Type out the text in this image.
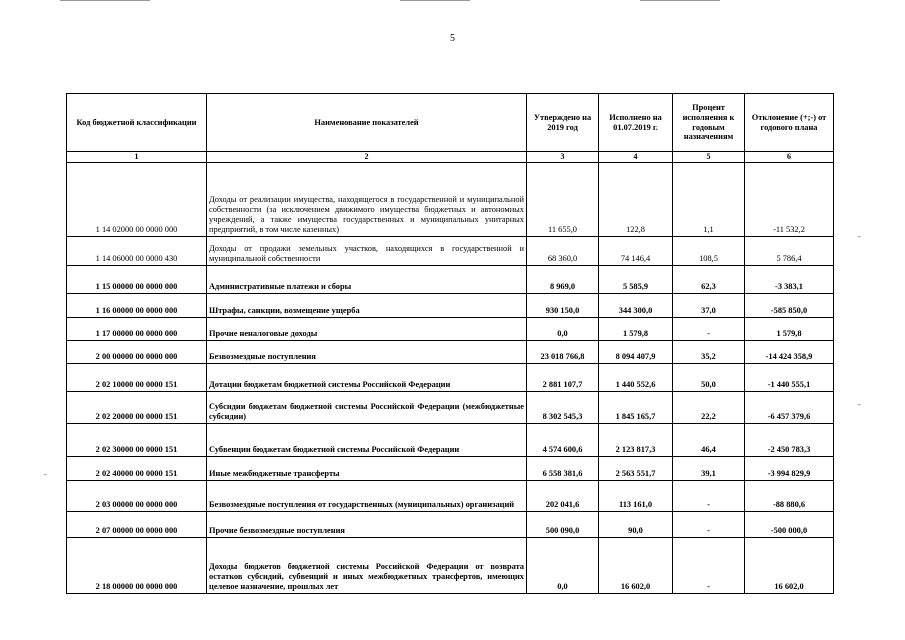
5
Код бюджетной классификации	Наименование показателей	Утверждено на 2019 год	Исполнено на 01.07.2019 г.	Процент исполнения к годовым назначениям	Отклонение (+;-) от годового плана
1	2	3	4	5	6
1 14 02000 00 0000 000	Доходы от реализации имущества, находящегося в государственной и муниципальной собственности (за исключением движимого имущества бюджетных и автономных учреждений, а также имущества государственных и муниципальных унитарных предприятий, в том числе казенных)	11 655,0	122,8	1,1	-11 532,2
1 14 06000 00 0000 430	Доходы от продажи земельных участков, находящихся в государственной и муниципальной собственности	68 360,0	74 146,4	108,5	5 786,4
1 15 00000 00 0000 000	Административные платежи и сборы	8 969,0	5 585,9	62,3	-3 383,1
1 16 00000 00 0000 000	Штрафы, санкции, возмещение ущерба	930 150,0	344 300,0	37,0	-585 850,0
1 17 00000 00 0000 000	Прочие неналоговые доходы	0,0	1 579,8	-	1 579,8
2 00 00000 00 0000 000	Безвозмездные поступления	23 018 766,8	8 094 407,9	35,2	-14 424 358,9
2 02 10000 00 0000 151	Дотации бюджетам бюджетной системы Российской Федерации	2 881 107,7	1 440 552,6	50,0	-1 440 555,1
2 02 20000 00 0000 151	Субсидии бюджетам бюджетной системы Российской Федерации (межбюджетные субсидии)	8 302 545,3	1 845 165,7	22,2	-6 457 379,6
2 02 30000 00 0000 151	Субвенции бюджетам бюджетной системы Российской Федерации	4 574 600,6	2 123 817,3	46,4	-2 450 783,3
2 02 40000 00 0000 151	Иные межбюджетные трансферты	6 558 381,6	2 563 551,7	39,1	-3 994 829,9
2 03 00000 00 0000 000	Безвозмездные поступления от государственных (муниципальных) организаций	202 041,6	113 161,0	-	-88 880,6
2 07 00000 00 0000 000	Прочие безвозмездные поступления	500 090,0	90,0	-	-500 000,0
2 18 00000 00 0000 000	Доходы бюджетов бюджетной системы Российской Федерации от возврата остатков субсидий, субвенций и иных межбюджетных трансфертов, имеющих целевое назначение, прошлых лет	0,0	16 602,0	-	16 602,0
-
-
-
